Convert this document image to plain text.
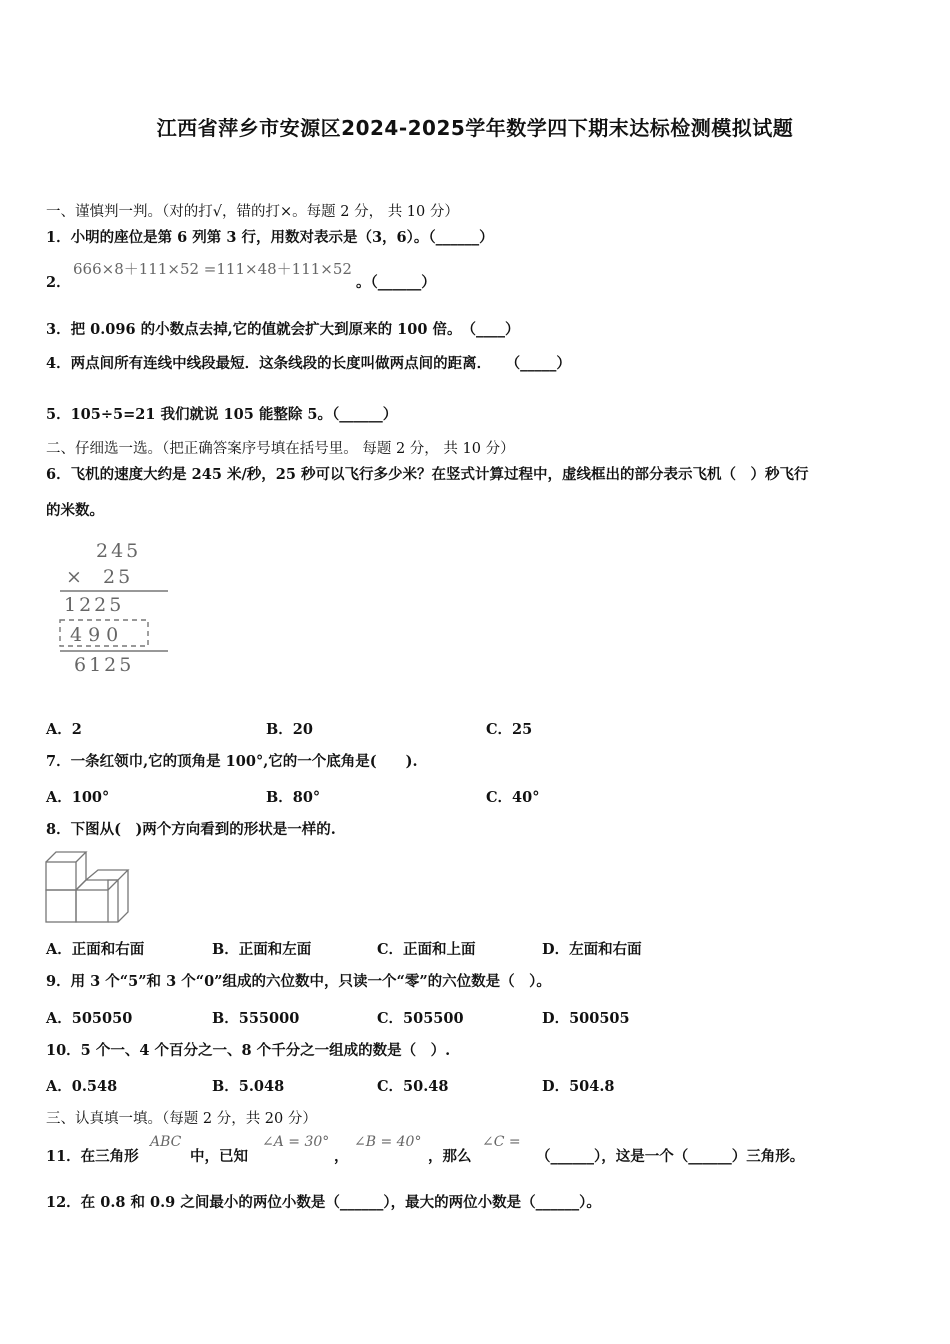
江西省萍乡市安源区2024-2025学年数学四下期末达标检测模拟试题
一、谨慎判一判。（对的打√，错的打×。每题 2 分， 共 10 分）
1．小明的座位是第 6 列第 3 行，用数对表示是（3，6）。（______）
2．
666×8＋111×52 =111×48＋111×52
。（______）
3．把 0.096 的小数点去掉,它的值就会扩大到原来的 100 倍。　（____）
4．两点间所有连线中线段最短．这条线段的长度叫做两点间的距离．　　（_____）
5．105÷5=21 我们就说 105 能整除 5。（______）
二、仔细选一选。（把正确答案序号填在括号里。 每题 2 分， 共 10 分）
6．飞机的速度大约是 245 米/秒，25 秒可以飞行多少米？在竖式计算过程中，虚线框出的部分表示飞机（　）秒飞行
的米数。
245
×  25
1225
490
6125
A．2	B．20	C．25
7．一条红领巾,它的顶角是 100°,它的一个底角是(　　).
A．100°	B．80°	C．40°
8．下图从(　)两个方向看到的形状是一样的.
A．正面和右面	B．正面和左面	C．正面和上面	D．左面和右面
9．用 3 个“5”和 3 个“0”组成的六位数中，只读一个“零”的六位数是（　）。
A．505050	B．555000	C．505500	D．500505
10．5 个一、4 个百分之一、8 个千分之一组成的数是（　）.
A．0.548	B．5.048	C．50.48	D．504.8
三、认真填一填。（每题 2 分，共 20 分）
11．在三角形
ABC
中，已知
∠A = 30°
，
∠B = 40°
，那么
∠C =
（______），这是一个（______）三角形。
12．在 0.8 和 0.9 之间最小的两位小数是（______），最大的两位小数是（______）。
